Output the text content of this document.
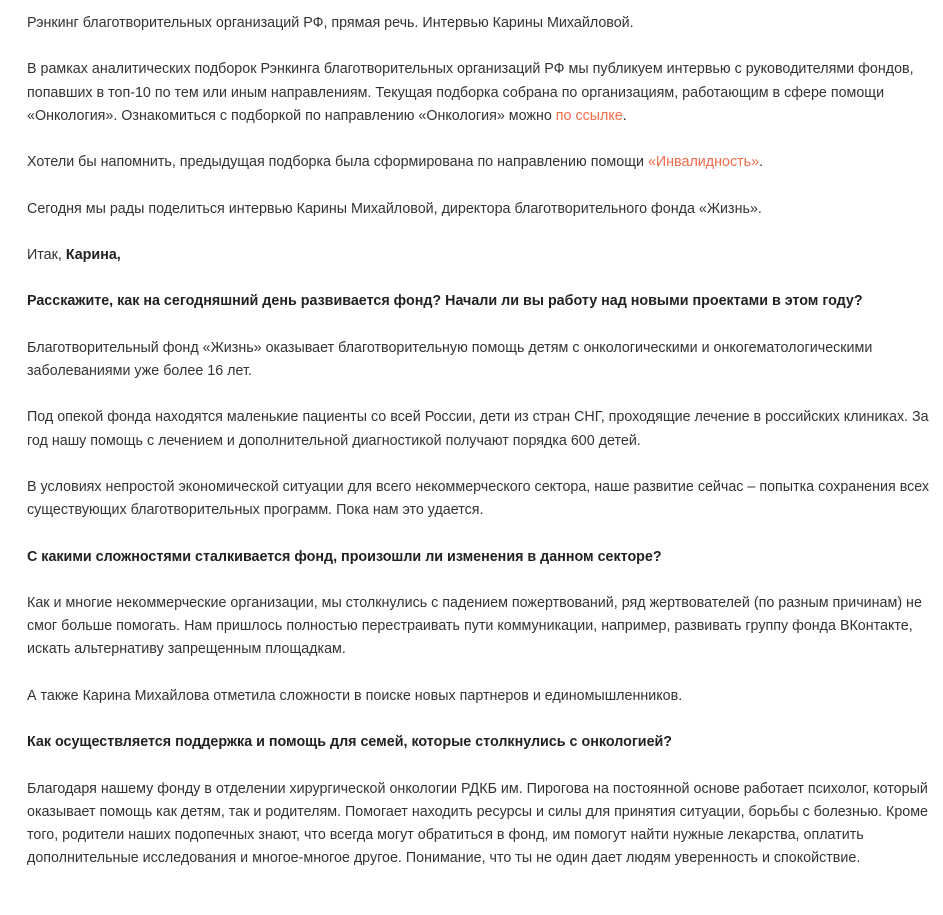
Рэнкинг благотворительных организаций РФ, прямая речь. Интервью Карины Михайловой.

В рамках аналитических подборок Рэнкинга благотворительных организаций РФ мы публикуем интервью с руководителями фондов, попавших в топ-10 по тем или иным направлениям. Текущая подборка собрана по организациям, работающим в сфере помощи «Онкология». Ознакомиться с подборкой по направлению «Онкология» можно по ссылке.

Хотели бы напомнить, предыдущая подборка была сформирована по направлению помощи «Инвалидность».

Сегодня мы рады поделиться интервью Карины Михайловой, директора благотворительного фонда «Жизнь».

Итак, Карина,

Расскажите, как на сегодняшний день развивается фонд? Начали ли вы работу над новыми проектами в этом году?

Благотворительный фонд «Жизнь» оказывает благотворительную помощь детям с онкологическими и онкогематологическими заболеваниями уже более 16 лет.

Под опекой фонда находятся маленькие пациенты со всей России, дети из стран СНГ, проходящие лечение в российских клиниках. За год нашу помощь с лечением и дополнительной диагностикой получают порядка 600 детей.

В условиях непростой экономической ситуации для всего некоммерческого сектора, наше развитие сейчас – попытка сохранения всех существующих благотворительных программ. Пока нам это удается.

С какими сложностями сталкивается фонд, произошли ли изменения в данном секторе?

Как и многие некоммерческие организации, мы столкнулись с падением пожертвований, ряд жертвователей (по разным причинам) не смог больше помогать. Нам пришлось полностью перестраивать пути коммуникации, например, развивать группу фонда ВКонтакте, искать альтернативу запрещенным площадкам.

А также Карина Михайлова отметила сложности в поиске новых партнеров и единомышленников.

Как осуществляется поддержка и помощь для семей, которые столкнулись с онкологией?

Благодаря нашему фонду в отделении хирургической онкологии РДКБ им. Пирогова на постоянной основе работает психолог, который оказывает помощь как детям, так и родителям. Помогает находить ресурсы и силы для принятия ситуации, борьбы с болезнью. Кроме того, родители наших подопечных знают, что всегда могут обратиться в фонд, им помогут найти нужные лекарства, оплатить дополнительные исследования и многое-многое другое. Понимание, что ты не один дает людям уверенность и спокойствие.
